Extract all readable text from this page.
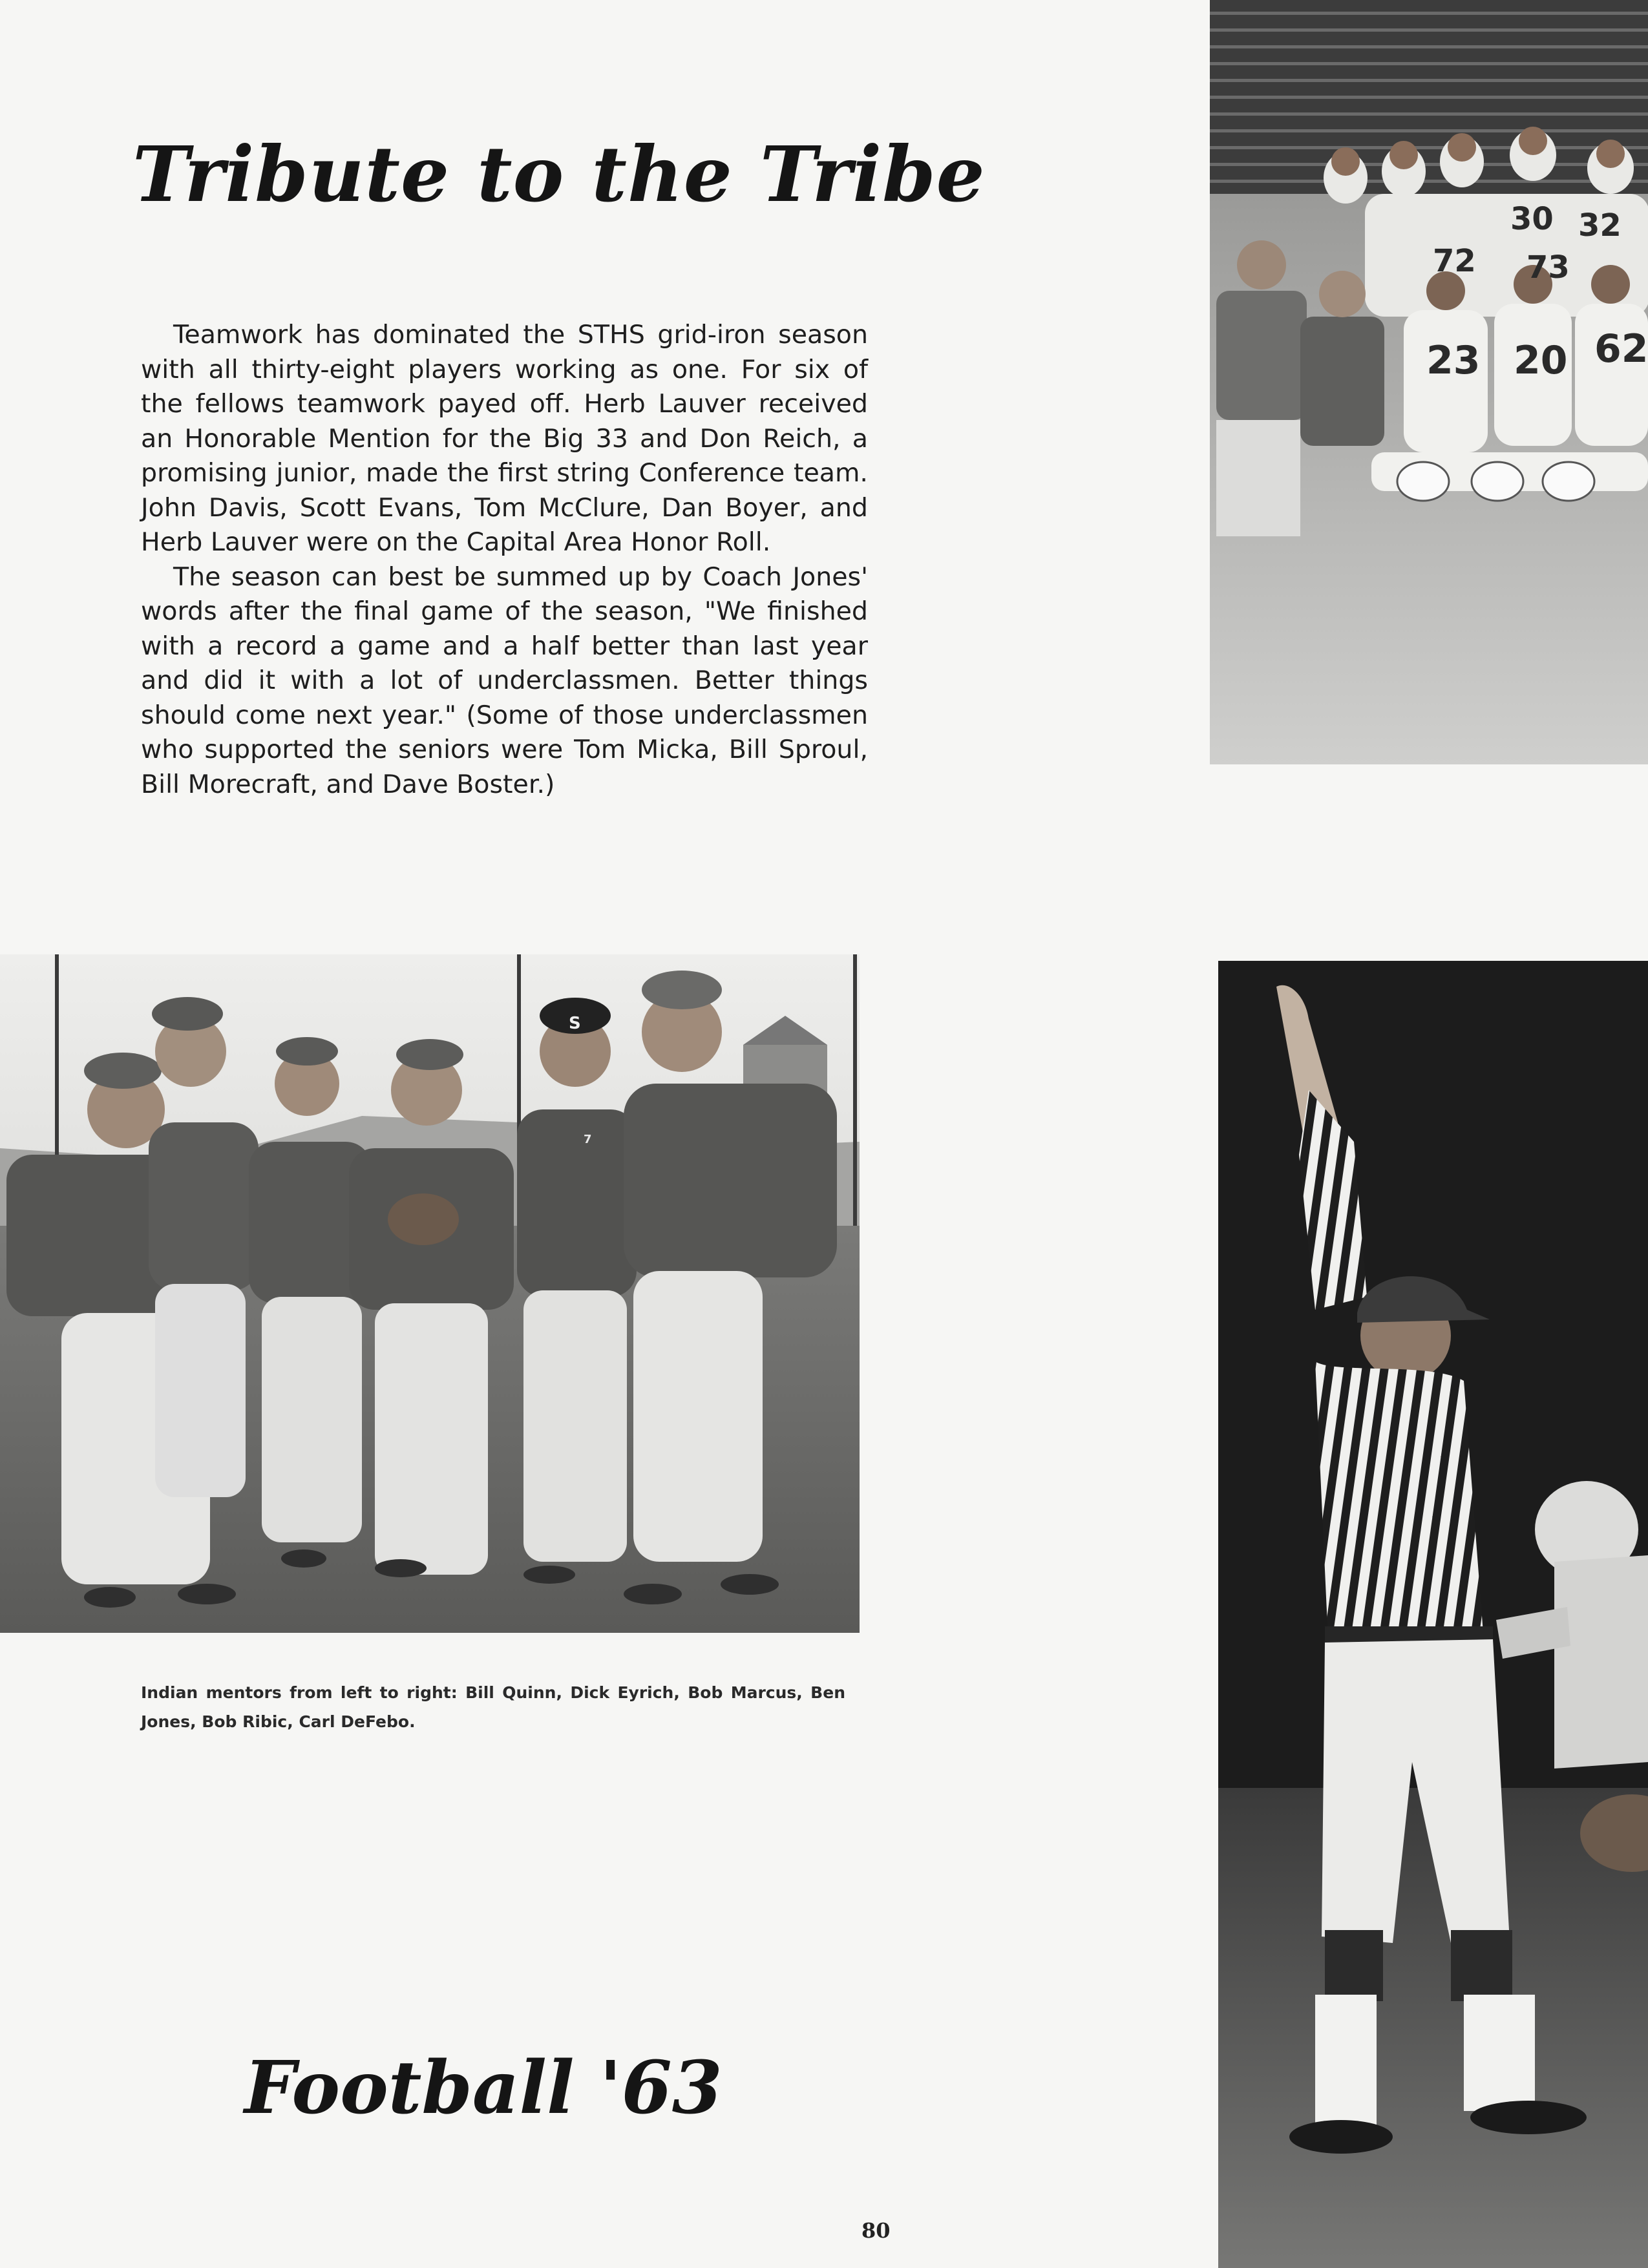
Tribute to the Tribe

Teamwork has dominated the STHS grid-iron season with all thirty-eight players working as one. For six of the fellows teamwork payed off. Herb Lauver received an Honorable Mention for the Big 33 and Don Reich, a promising junior, made the first string Conference team. John Davis, Scott Evans, Tom McClure, Dan Boyer, and Herb Lauver were on the Capital Area Honor Roll.

The season can best be summed up by Coach Jones' words after the final game of the season, "We finished with a record a game and a half better than last year and did it with a lot of underclassmen. Better things should come next year." (Some of those underclassmen who supported the seniors were Tom Micka, Bill Sproul, Bill Morecraft, and Dave Boster.)

30 32
72 73
23 20 62
S
7

Indian mentors from left to right: Bill Quinn, Dick Eyrich, Bob Marcus, Ben Jones, Bob Ribic, Carl DeFebo.

Football '63
80
